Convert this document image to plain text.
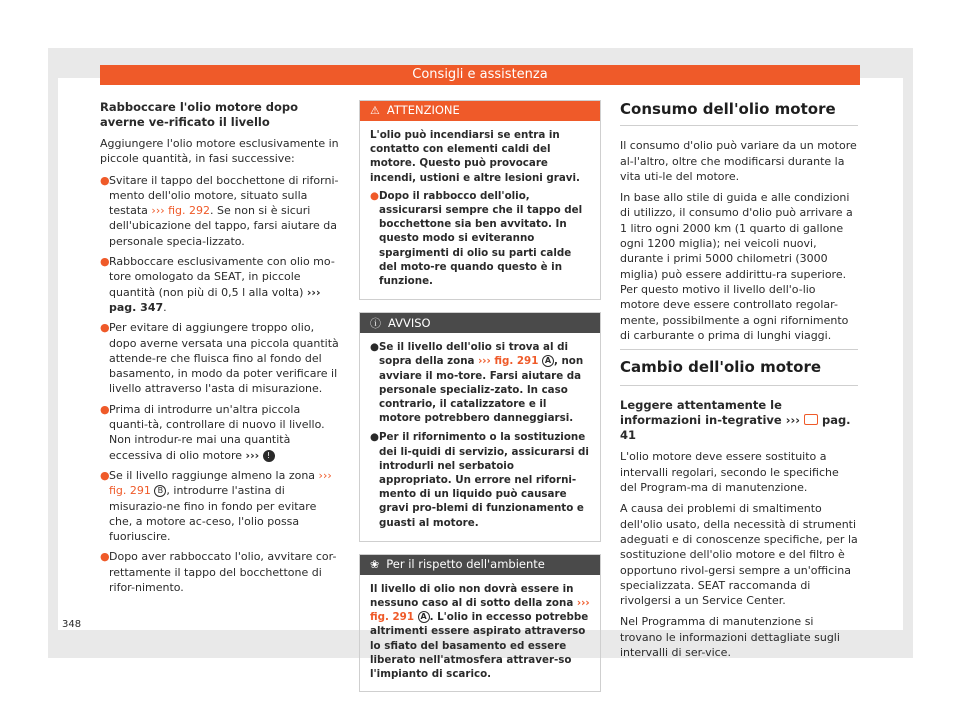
Consigli e assistenza
Rabboccare l'olio motore dopo averne ve-rificato il livello

Aggiungere l'olio motore esclusivamente in piccole quantità, in fasi successive:

● Svitare il tappo del bocchettone di riforni-mento dell'olio motore, situato sulla testata ››› fig. 292. Se non si è sicuri dell'ubicazione del tappo, farsi aiutare da personale specia-lizzato.
● Rabboccare esclusivamente con olio mo-tore omologato da SEAT, in piccole quantità (non più di 0,5 l alla volta) ››› pag. 347.
● Per evitare di aggiungere troppo olio, dopo averne versata una piccola quantità attende-re che fluisca fino al fondo del basamento, in modo da poter verificare il livello attraverso l'asta di misurazione.
● Prima di introdurre un'altra piccola quanti-tà, controllare di nuovo il livello. Non introdur-re mai una quantità eccessiva di olio motore ››› !
● Se il livello raggiunge almeno la zona ››› fig. 291 B , introdurre l'astina di misurazio-ne fino in fondo per evitare che, a motore ac-ceso, l'olio possa fuoriuscire.
● Dopo aver rabboccato l'olio, avvitare cor-rettamente il tappo del bocchettone di rifor-nimento.
⚠ ATTENZIONE

L'olio può incendiarsi se entra in contatto con elementi caldi del motore. Questo può provocare incendi, ustioni e altre lesioni gravi.

● Dopo il rabbocco dell'olio, assicurarsi sempre che il tappo del bocchettone sia ben avvitato. In questo modo si eviteranno spargimenti di olio su parti calde del moto-re quando questo è in funzione.
ⓘ AVVISO
● Se il livello dell'olio si trova al di sopra della zona ››› fig. 291 A , non avviare il mo-tore. Farsi aiutare da personale specializ-zato. In caso contrario, il catalizzatore e il motore potrebbero danneggiarsi.
● Per il rifornimento o la sostituzione dei li-quidi di servizio, assicurarsi di introdurli nel serbatoio appropriato. Un errore nel riforni-mento di un liquido può causare gravi pro-blemi di funzionamento e guasti al motore.
❀ Per il rispetto dell'ambiente

Il livello di olio non dovrà essere in nessuno caso al di sotto della zona ››› fig. 291 A . L'olio in eccesso potrebbe altrimenti essere aspirato attraverso lo sfiato del basamento ed essere liberato nell'atmosfera attraver-so l'impianto di scarico.

Consumo dell'olio motore

Il consumo d'olio può variare da un motore al-l'altro, oltre che modificarsi durante la vita uti-le del motore.

In base allo stile di guida e alle condizioni di utilizzo, il consumo d'olio può arrivare a 1 litro ogni 2000 km (1 quarto di gallone ogni 1200 miglia); nei veicoli nuovi, durante i primi 5000 chilometri (3000 miglia) può essere addirittu-ra superiore. Per questo motivo il livello dell'o-lio motore deve essere controllato regolar-mente, possibilmente a ogni rifornimento di carburante o prima di lunghi viaggi.

Cambio dell'olio motore
Leggere attentamente le informazioni in-tegrative ›››  pag. 41

L'olio motore deve essere sostituito a intervalli regolari, secondo le specifiche del Program-ma di manutenzione.

A causa dei problemi di smaltimento dell'olio usato, della necessità di strumenti adeguati e di conoscenze specifiche, per la sostituzione dell'olio motore e del filtro è opportuno rivol-gersi sempre a un'officina specializzata. SEAT raccomanda di rivolgersi a un Service Center.

Nel Programma di manutenzione si trovano le informazioni dettagliate sugli intervalli di ser-vice.

348
